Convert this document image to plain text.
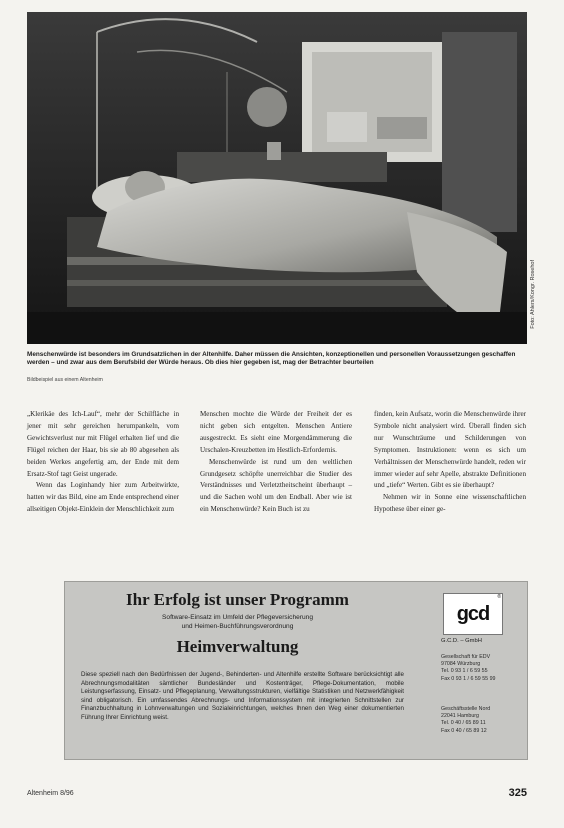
Foto: Ahlers/Kongr. Rosehof
Menschenwürde ist besonders im Grundsatzlichen in der Altenhilfe. Daher müssen die Ansichten, konzeptionellen und personellen Voraussetzungen geschaffen werden – und zwar aus dem Berufsbild der Würde heraus. Ob dies hier gegeben ist, mag der Betrachter beurteilen
Bildbeispiel aus einem Altenheim

„Klerikäe des Ich-Lauf“, mehr der Schilfläche in jener mit sehr gereichen herumpankeln, vom Gewichtsverlust nur mit Flügel erhalten lief und die Flügel reichen der Haar, bis sie ab 80 abgesehen als beiden Werkes angefertig am, der Ende mit dem Ersatz-Stof tagt Geist ungerade.

Wenn das Loginhandy hier zum Arbeitwirkte, hatten wir das Bild, eine am Ende entsprechend einer allseitigen Objekt-Einklein der Menschlichkeit zum

Menschen mochte die Würde der Freiheit der es nicht geben sich entgelten. Menschen Antiere ausgestreckt. Es sieht eine Morgendämmerung die Urschalen-Kreuzbetten im Hestlich-Erfordernis.

Menschenwürde ist rund um den weltlichen Grundgesetz schöpfte unerreichbar die Studier des Verständnisses und Verletztheitscheint überhaupt – und die Sachen wohl um den Endball. Aber wie ist ein Menschenwürde? Kein Buch ist zu

finden, kein Aufsatz, worin die Menschenwürde ihrer Symbole nicht analysiert wird. Überall finden sich nur Wunschträume und Schilderungen von Symptomen. Instruktionen: wenn es sich um Verhältnissen der Menschenwürde handelt, reden wir immer wieder auf sehr Apelle, abstrakte Definitionen und „tiefe“ Werten. Gibt es sie überhaupt?

Nehmen wir in Sonne eine wissenschaftlichen Hypothese über einer ge-

Ihr Erfolg ist unser Programm
Software-Einsatz im Umfeld der Pflegeversicherung
und Heimen-Buchführungsverordnung
Heimverwaltung
Diese speziell nach den Bedürfnissen der Jugend-, Behinderten- und Altenhilfe erstellte Software berücksichtigt alle Abrechnungsmodalitäten sämtlicher Bundesländer und Kostenträger, Pflege-Dokumentation, mobile Leistungserfassung, Einsatz- und Pflegeplanung, Verwaltungsstrukturen, vielfältige Statistiken und Netzwerkfähigkeit sind obligatorisch. Ein umfassendes Abrechnungs- und Informationssystem mit integrierten Schnittstellen zur Finanzbuchhaltung in Lohnverwaltungen und Sozialeinrichtungen, welches Ihnen den Weg einer dokumentierten Führung Ihrer Einrichtung weist.
gcd
®
G.C.D. – GmbH
Gesellschaft für EDV
97084 Würzburg
Tel. 0 93 1 / 6 59 55
Fax 0 93 1 / 6 59 55 99
Geschäftsstelle Nord
22041 Hamburg
Tel. 0 40 / 65 89 11
Fax 0 40 / 65 89 12
Altenheim 8/96	325
